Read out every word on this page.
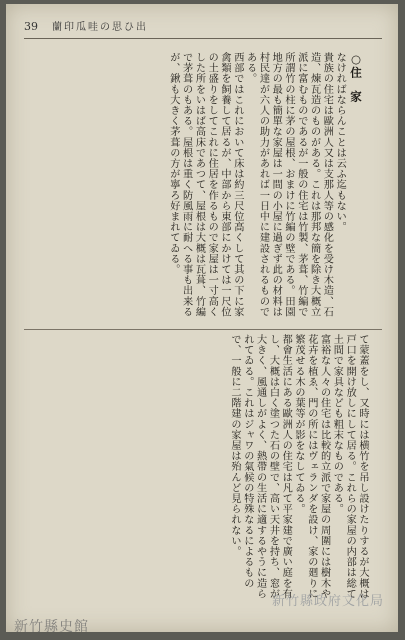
39 蘭印瓜哇の思ひ出
○住　家
なければならんことは云ふ迄もない。
貴族の住宅は歐洲人又は支那人等の感化を受け木造、石造、煉瓦造のものがある。これは那邦な簡を除き大概立派に富むものであるが一般の住宅は竹製、茅葺、竹編で所謂竹の柱に茅の屋根、おまけに竹編の壁である。田園地方の最も簡單な家屋は一間の小屋に過ぎず此の材料は村民達が六人の助力があれば一日中に建設されるものである。
西部ではこれにおいて床は約三尺位高くして其の下に家禽類を飼養して居るが、中部から東部にかけては一尺位の土盛りをしてこれに住居を作るもので家屋は一寸高くした所をいはば高床であつて、屋根は大概は瓦葺、竹編で茅葺のもある。屋根は重く防風雨に耐へる事も出来るが、鍬も大きく茅葺の方が寧ろ好まれてゐる。
て蒙蓋をし、又時には横竹を吊し設けたりするが大概は戸口を開け放しにして居る。これらの家屋の内部は総て土間で家具なども粗末なものである。
富裕な人々の住宅は比較的立派で家屋の周圍には樹木や花卉を植ゑ、門の所にはヴェランダを設け、家の廻りに繁茂せる木の葉等が影をなしてゐる。
都會生活にある歐洲人の住宅は凡て平家建で廣い庭を有し、大概は白く塗つた石の壁で、高い天井を持ち、窓が大きく、風通しがよく、熱帶の生活に適するやうに造られてゐる。これはジャワの氣候の特殊なるによるもので、一般に二階建の家屋は殆んど見られない。
新竹縣政府文化局
新竹縣史館
